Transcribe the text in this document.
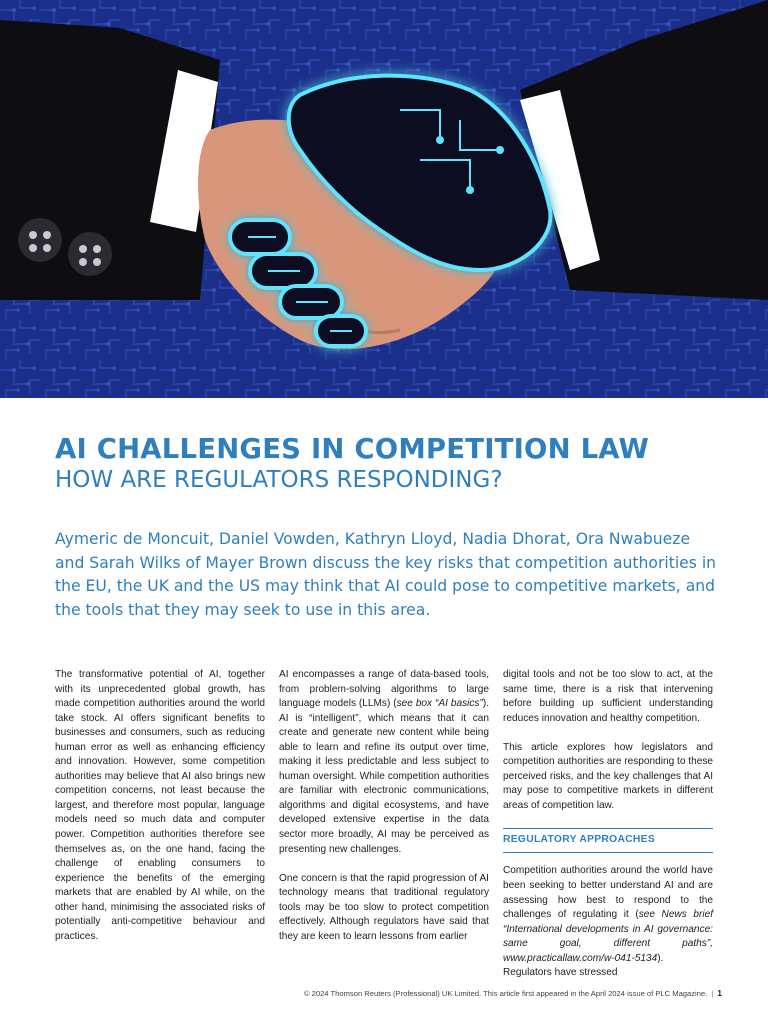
AI CHALLENGES IN COMPETITION LAW
HOW ARE REGULATORS RESPONDING?
Aymeric de Moncuit, Daniel Vowden, Kathryn Lloyd, Nadia Dhorat, Ora Nwabueze and Sarah Wilks of Mayer Brown discuss the key risks that competition authorities in the EU, the UK and the US may think that AI could pose to competitive markets, and the tools that they may seek to use in this area.

The transformative potential of AI, together with its unprecedented global growth, has made competition authorities around the world take stock. AI offers significant benefits to businesses and consumers, such as reducing human error as well as enhancing efficiency and innovation. However, some competition authorities may believe that AI also brings new competition concerns, not least because the largest, and therefore most popular, language models need so much data and computer power. Competition authorities therefore see themselves as, on the one hand, facing the challenge of enabling consumers to experience the benefits of the emerging markets that are enabled by AI while, on the other hand, minimising the associated risks of potentially anti-competitive behaviour and practices.

AI encompasses a range of data-based tools, from problem-solving algorithms to large language models (LLMs) (see box “AI basics”). AI is “intelligent”, which means that it can create and generate new content while being able to learn and refine its output over time, making it less predictable and less subject to human oversight. While competition authorities are familiar with electronic communications, algorithms and digital ecosystems, and have developed extensive expertise in the data sector more broadly, AI may be perceived as presenting new challenges.

One concern is that the rapid progression of AI technology means that traditional regulatory tools may be too slow to protect competition effectively. Although regulators have said that they are keen to learn lessons from earlier

digital tools and not be too slow to act, at the same time, there is a risk that intervening before building up sufficient understanding reduces innovation and healthy competition.

This article explores how legislators and competition authorities are responding to these perceived risks, and the key challenges that AI may pose to competitive markets in different areas of competition law.

REGULATORY APPROACHES

Competition authorities around the world have been seeking to better understand AI and are assessing how best to respond to the challenges of regulating it (see News brief “International developments in AI governance: same goal, different paths”, www.practicallaw.com/w-041-5134). Regulators have stressed

© 2024 Thomson Reuters (Professional) UK Limited. This article first appeared in the April 2024 issue of PLC Magazine. | 1
